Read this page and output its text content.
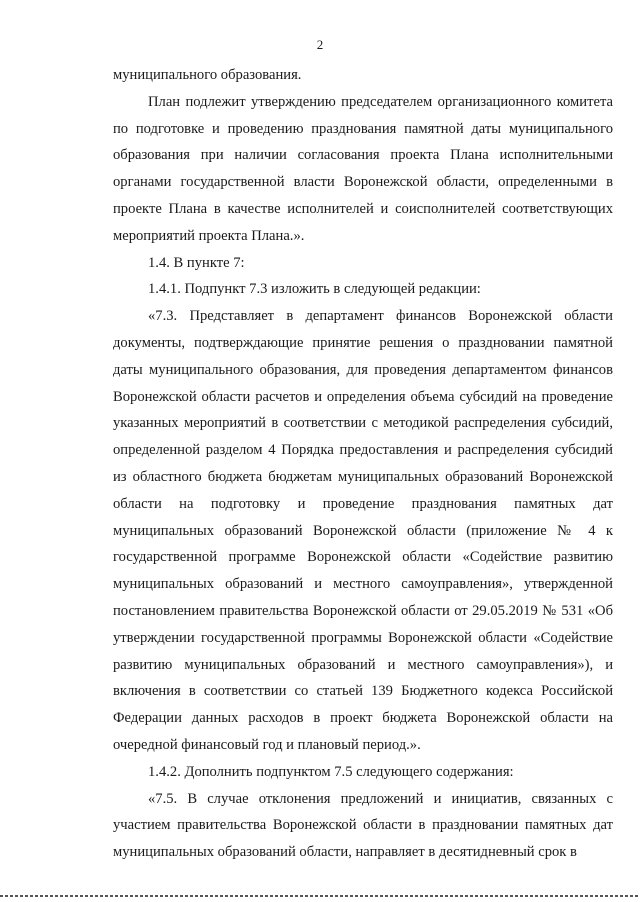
2

муниципального образования.

План подлежит утверждению председателем организационного комитета по подготовке и проведению празднования памятной даты муниципального образования при наличии согласования проекта Плана исполнительными органами государственной власти Воронежской области, определенными в проекте Плана в качестве исполнителей и соисполнителей соответствующих мероприятий проекта Плана.».

1.4. В пункте 7:

1.4.1. Подпункт 7.3 изложить в следующей редакции:

«7.3. Представляет в департамент финансов Воронежской области документы, подтверждающие принятие решения о праздновании памятной даты муниципального образования, для проведения департаментом финансов Воронежской области расчетов и определения объема субсидий на проведение указанных мероприятий в соответствии с методикой распределения субсидий, определенной разделом 4 Порядка предоставления и распределения субсидий из областного бюджета бюджетам муниципальных образований Воронежской области на подготовку и проведение празднования памятных дат муниципальных образований Воронежской области (приложение № 4 к государственной программе Воронежской области «Содействие развитию муниципальных образований и местного самоуправления», утвержденной постановлением правительства Воронежской области от 29.05.2019 № 531 «Об утверждении государственной программы Воронежской области «Содействие развитию муниципальных образований и местного самоуправления»), и включения в соответствии со статьей 139 Бюджетного кодекса Российской Федерации данных расходов в проект бюджета Воронежской области на очередной финансовый год и плановый период.».

1.4.2. Дополнить подпунктом 7.5 следующего содержания:

«7.5. В случае отклонения предложений и инициатив, связанных с участием правительства Воронежской области в праздновании памятных дат муниципальных образований области, направляет в десятидневный срок в
